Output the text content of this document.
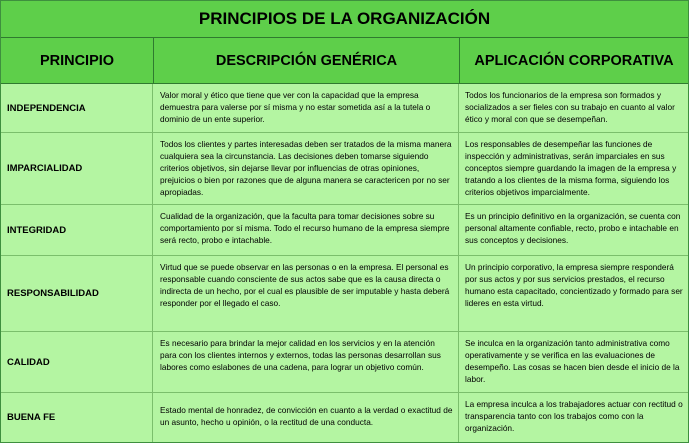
PRINCIPIOS DE LA ORGANIZACIÓN
PRINCIPIO	DESCRIPCIÓN GENÉRICA	APLICACIÓN CORPORATIVA
INDEPENDENCIA
Valor moral y ético que tiene que ver con la capacidad que la empresa demuestra para valerse por sí misma y no estar sometida así a la tutela o dominio de un ente superior.
Todos los funcionarios de la empresa son formados y socializados a ser fieles con su trabajo en cuanto al valor ético y moral con que se desempeñan.
IMPARCIALIDAD
Todos los clientes y partes interesadas deben ser tratados de la misma manera cualquiera sea la circunstancia. Las decisiones deben tomarse siguiendo criterios objetivos, sin dejarse llevar por influencias de otras opiniones, prejuicios o bien por razones que de alguna manera se caractericen por no ser apropiadas.
Los responsables de desempeñar las funciones de inspección y administrativas, serán imparciales en sus conceptos siempre guardando la imagen de la empresa y tratando a los clientes de la misma forma, siguiendo los criterios objetivos imparcialmente.
INTEGRIDAD
Cualidad de la organización, que la faculta para tomar decisiones sobre su comportamiento por sí misma. Todo el recurso humano de la empresa siempre será recto, probo e intachable.
Es un principio definitivo en la organización, se cuenta con personal altamente confiable, recto, probo e intachable en sus conceptos y decisiones.
RESPONSABILIDAD
Virtud que se puede observar en las personas o en la empresa. El personal es responsable cuando consciente de sus actos sabe que es la causa directa o indirecta de un hecho, por el cual es plausible de ser imputable y hasta deberá responder por el llegado el caso.
Un principio corporativo, la empresa siempre responderá por sus actos y por sus servicios prestados, el recurso humano esta capacitado, concientizado y formado para ser lideres en esta virtud.
CALIDAD
Es necesario para brindar la mejor calidad en los servicios y en la atención para con los clientes internos y externos, todas las personas desarrollan sus labores como eslabones de una cadena, para lograr un objetivo común.
Se inculca en la organización tanto administrativa como operativamente y se verifica en las evaluaciones de desempeño. Las cosas se hacen bien desde el inicio de la labor.
BUENA FE
Estado mental de honradez, de convicción en cuanto a la verdad o exactitud de un asunto, hecho u opinión, o la rectitud de una conducta.
La empresa inculca a los trabajadores actuar con rectitud o transparencia tanto con los trabajos como con la organización.
